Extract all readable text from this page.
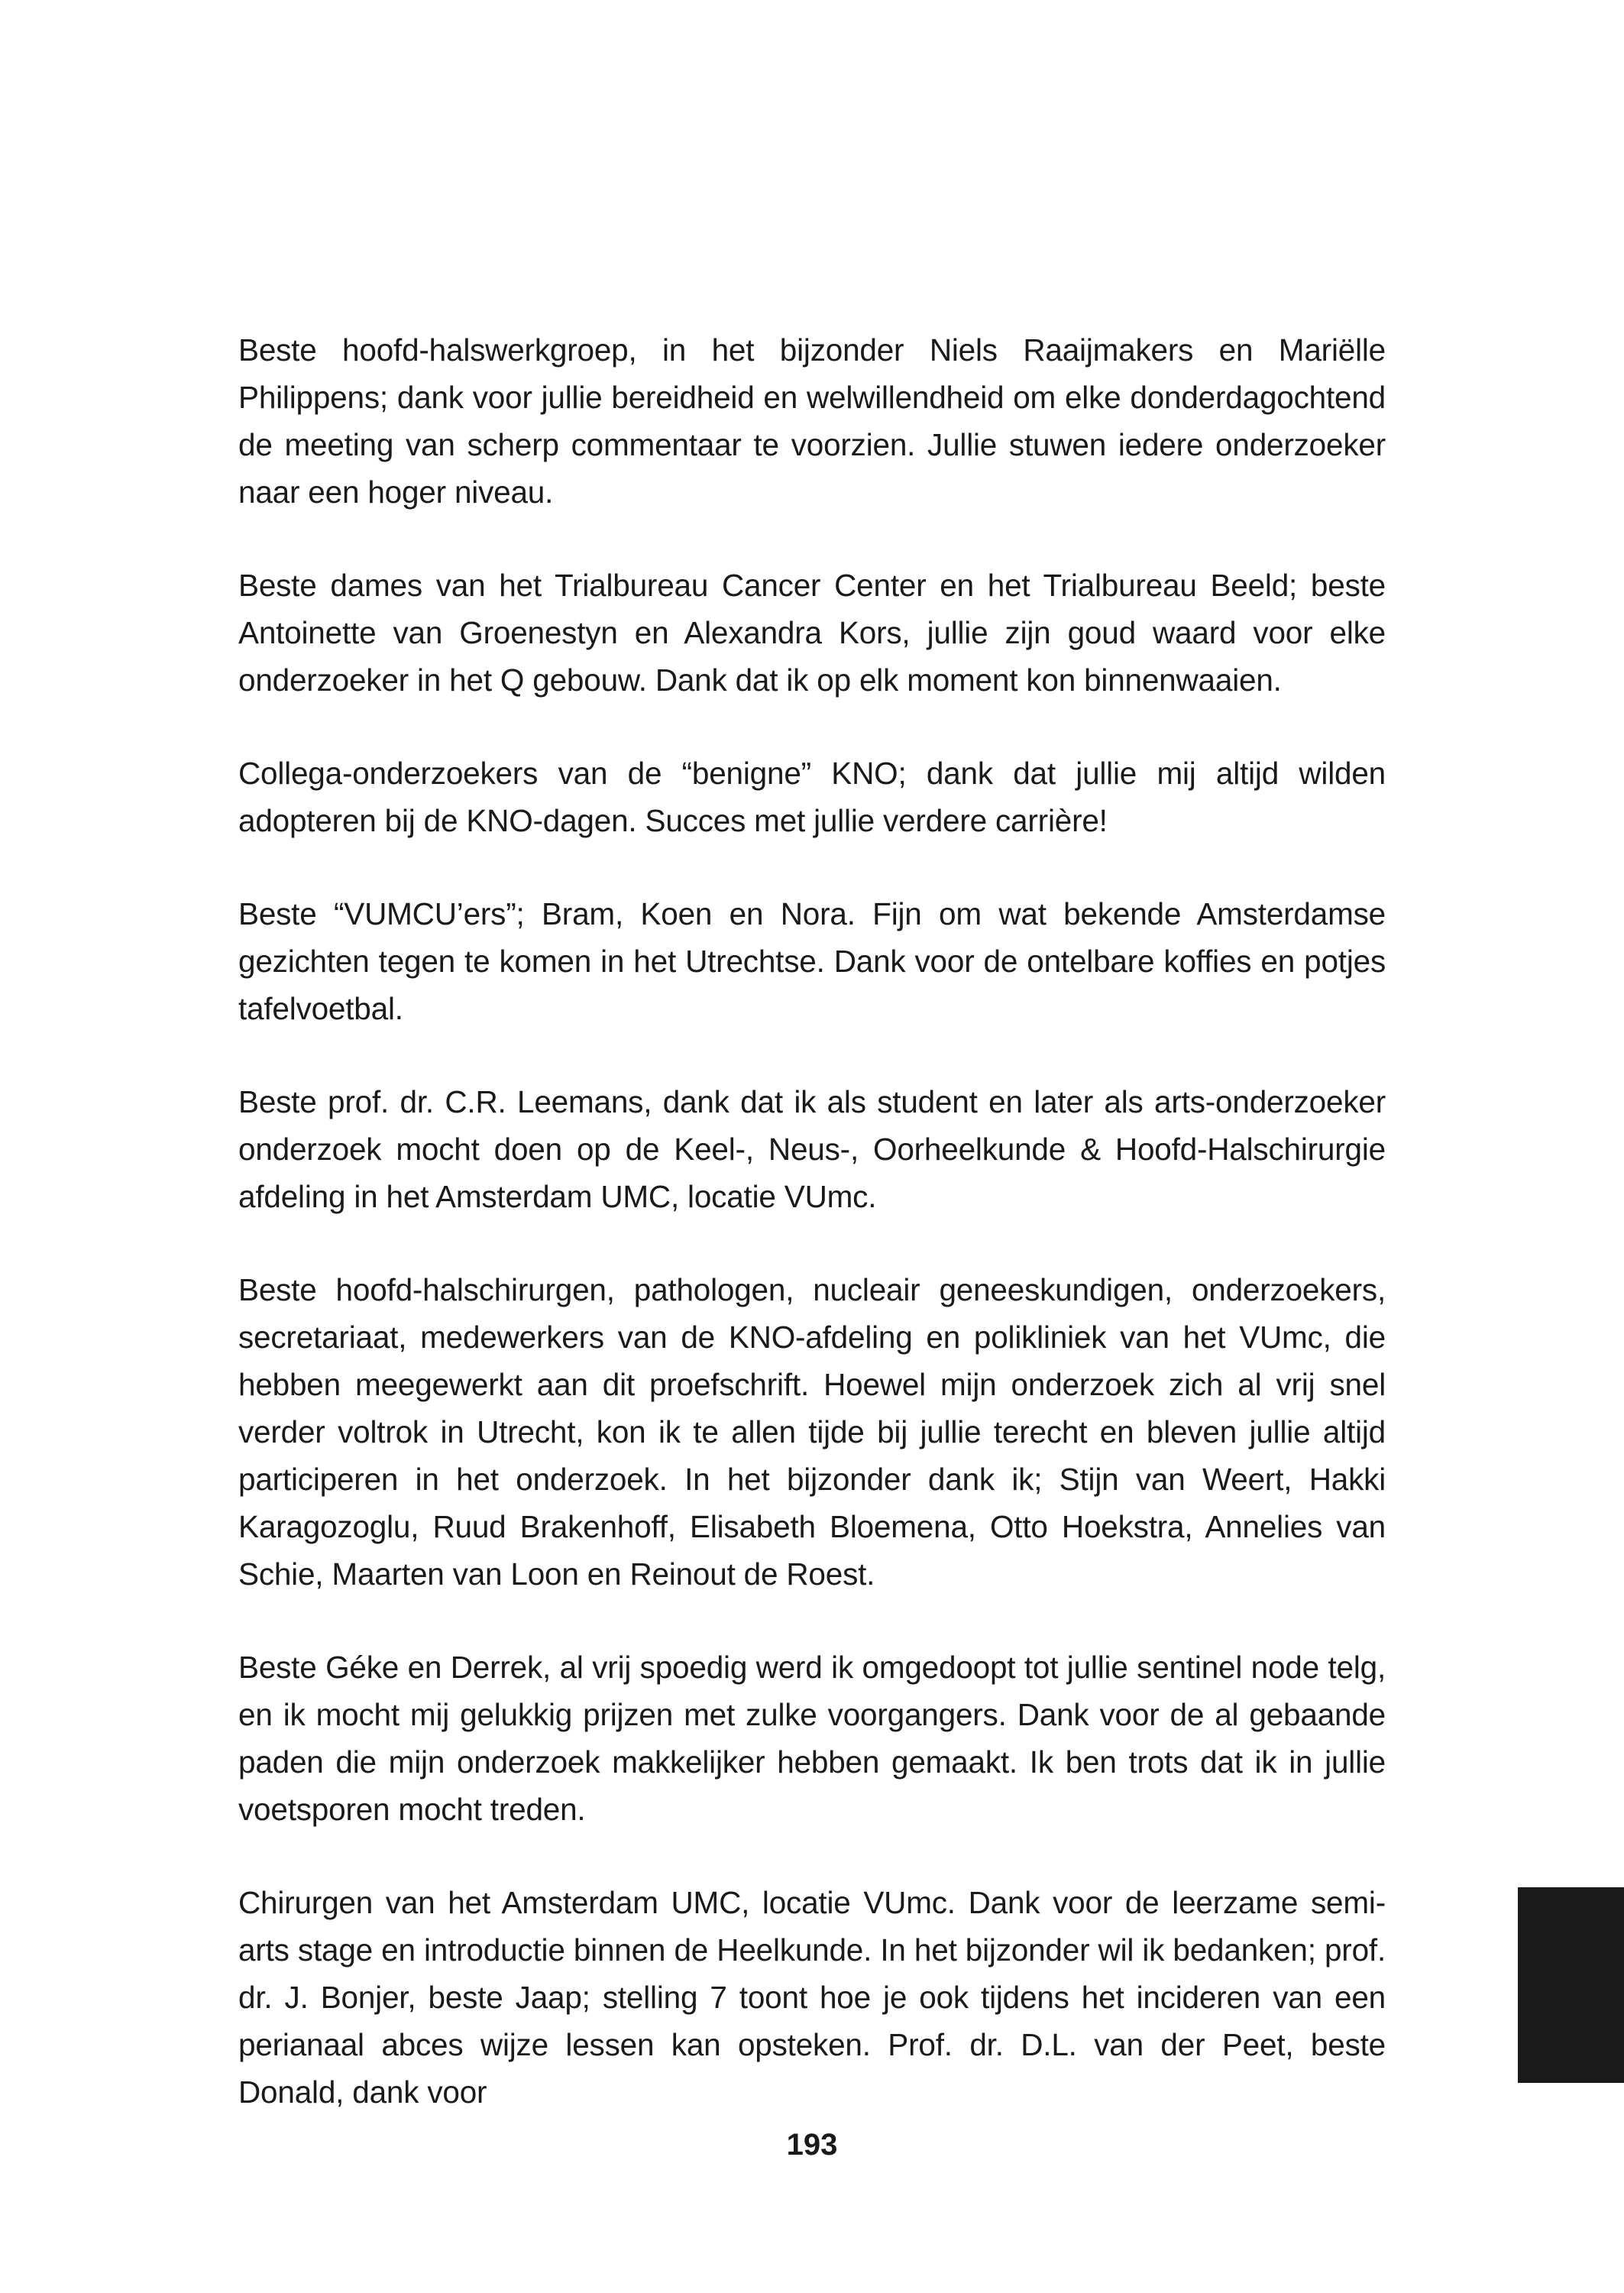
Beste hoofd-halswerkgroep, in het bijzonder Niels Raaijmakers en Mariëlle Philippens; dank voor jullie bereidheid en welwillendheid om elke donderdagochtend de meeting van scherp commentaar te voorzien. Jullie stuwen iedere onderzoeker naar een hoger niveau.

Beste dames van het Trialbureau Cancer Center en het Trialbureau Beeld; beste Antoinette van Groenestyn en Alexandra Kors, jullie zijn goud waard voor elke onderzoeker in het Q gebouw. Dank dat ik op elk moment kon binnenwaaien.

Collega-onderzoekers van de “benigne” KNO; dank dat jullie mij altijd wilden adopteren bij de KNO-dagen. Succes met jullie verdere carrière!

Beste “VUMCU’ers”; Bram, Koen en Nora. Fijn om wat bekende Amsterdamse gezichten tegen te komen in het Utrechtse. Dank voor de ontelbare koffies en potjes tafelvoetbal.

Beste prof. dr. C.R. Leemans, dank dat ik als student en later als arts-onderzoeker onderzoek mocht doen op de Keel-, Neus-, Oorheelkunde & Hoofd-Halschirurgie afdeling in het Amsterdam UMC, locatie VUmc.

Beste hoofd-halschirurgen, pathologen, nucleair geneeskundigen, onderzoekers, secretariaat, medewerkers van de KNO-afdeling en polikliniek van het VUmc, die hebben meegewerkt aan dit proefschrift. Hoewel mijn onderzoek zich al vrij snel verder voltrok in Utrecht, kon ik te allen tijde bij jullie terecht en bleven jullie altijd participeren in het onderzoek. In het bijzonder dank ik; Stijn van Weert, Hakki Karagozoglu, Ruud Brakenhoff, Elisabeth Bloemena, Otto Hoekstra, Annelies van Schie, Maarten van Loon en Reinout de Roest.

Beste Géke en Derrek, al vrij spoedig werd ik omgedoopt tot jullie sentinel node telg, en ik mocht mij gelukkig prijzen met zulke voorgangers. Dank voor de al gebaande paden die mijn onderzoek makkelijker hebben gemaakt. Ik ben trots dat ik in jullie voetsporen mocht treden.

Chirurgen van het Amsterdam UMC, locatie VUmc. Dank voor de leerzame semi-arts stage en introductie binnen de Heelkunde. In het bijzonder wil ik bedanken; prof. dr. J. Bonjer, beste Jaap; stelling 7 toont hoe je ook tijdens het incideren van een perianaal abces wijze lessen kan opsteken. Prof. dr. D.L. van der Peet, beste Donald, dank voor

9
193
